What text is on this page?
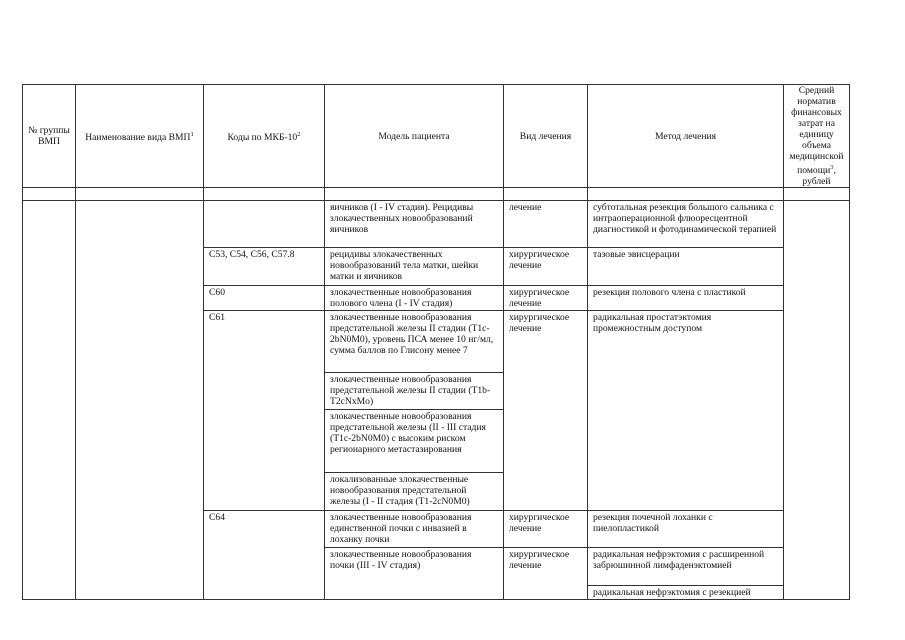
№ группы ВМП	Наименование вида ВМП$^1$	Коды по МКБ-$10^2$	Модель пациента	Вид лечения	Метод лечения	Средний норматив финансовых затрат на единицу объема медицинской помощи$^3$, рублей

			яичников (I - IV стадия). Рецидивы злокачественных новообразований яичников	лечение	субтотальная резекция большого сальника с интраоперационной флюоресцентной диагностикой и фотодинамической терапией	
		C53, C54, C56, C57.8	рецидивы злокачественных новообразований тела матки, шейки матки и яичников	хирургическое лечение	тазовые эвисцерации	
		C60	злокачественные новообразования полового члена (I - IV стадия)	хирургическое лечение	резекция полового члена с пластикой	
		C61	злокачественные новообразования предстательной железы II стадии (T1c-2bN0M0), уровень ПСА менее 10 нг/мл, сумма баллов по Глисону менее 7	хирургическое лечение	радикальная простатэктомия промежностным доступом	
			злокачественные новообразования предстательной железы II стадии (T1b-T2cNxMo)			
			злокачественные новообразования предстательной железы (II - III стадия (T1c-2bN0M0) с высоким риском регионарного метастазирования			
			локализованные злокачественные новообразования предстательной железы (I - II стадия (T1-2cN0M0)			
		C64	злокачественные новообразования единственной почки с инвазией в лоханку почки	хирургическое лечение	резекция почечной лоханки с пиелопластикой	
			злокачественные новообразования почки (III - IV стадия)	хирургическое лечение	радикальная нефрэктомия с расширенной забрюшинной лимфаденэктомией	
					радикальная нефрэктомия с резекцией	
